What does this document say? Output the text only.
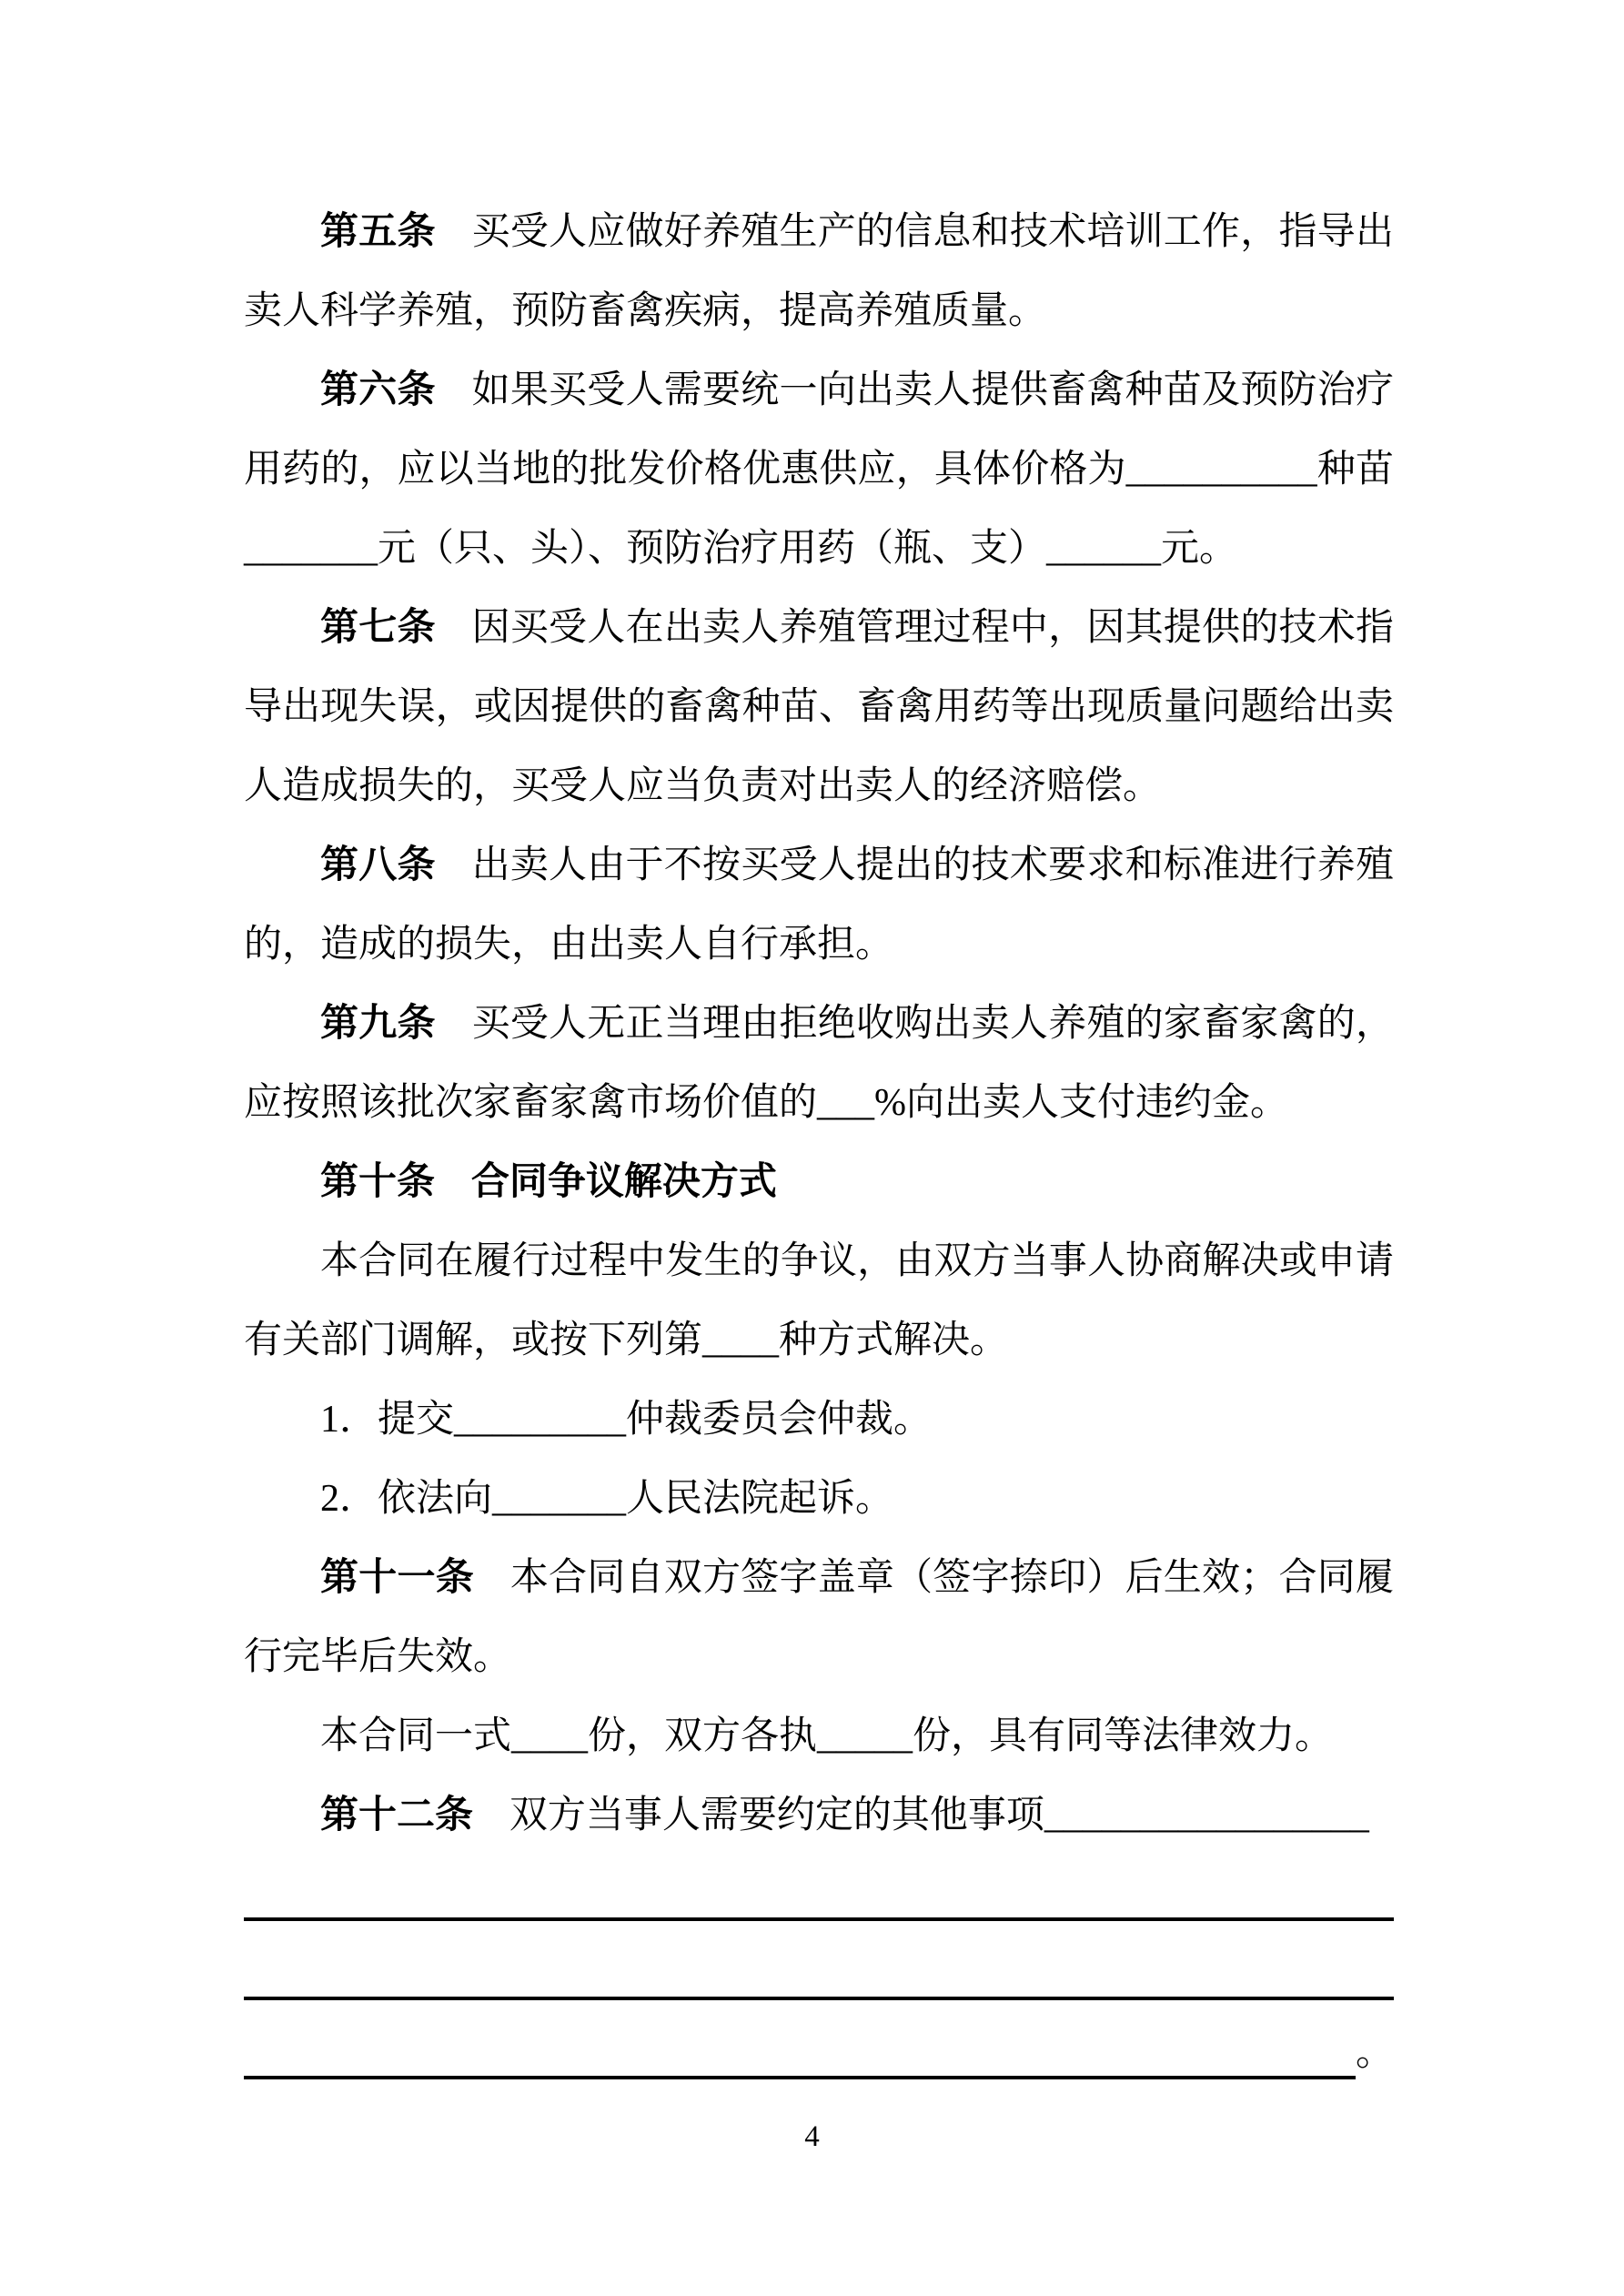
第五条 买受人应做好养殖生产的信息和技术培训工作，指导出卖人科学养殖，预防畜禽疾病，提高养殖质量。

第六条 如果买受人需要统一向出卖人提供畜禽种苗及预防治疗用药的，应以当地的批发价格优惠供应，具体价格为__________种苗_______元（只、头）、预防治疗用药（瓶、支）______元。

第七条 因买受人在出卖人养殖管理过程中，因其提供的技术指导出现失误，或因提供的畜禽种苗、畜禽用药等出现质量问题给出卖人造成损失的，买受人应当负责对出卖人的经济赔偿。

第八条 出卖人由于不按买受人提出的技术要求和标准进行养殖的，造成的损失，由出卖人自行承担。

第九条 买受人无正当理由拒绝收购出卖人养殖的家畜家禽的，应按照该批次家畜家禽市场价值的___%向出卖人支付违约金。

第十条 合同争议解决方式

本合同在履行过程中发生的争议，由双方当事人协商解决或申请有关部门调解，或按下列第____种方式解决。

1．提交_________仲裁委员会仲裁。

2．依法向_______人民法院起诉。

第十一条 本合同自双方签字盖章（签字捺印）后生效；合同履行完毕后失效。

本合同一式____份，双方各执_____份，具有同等法律效力。

第十二条 双方当事人需要约定的其他事项_________________

。
4
